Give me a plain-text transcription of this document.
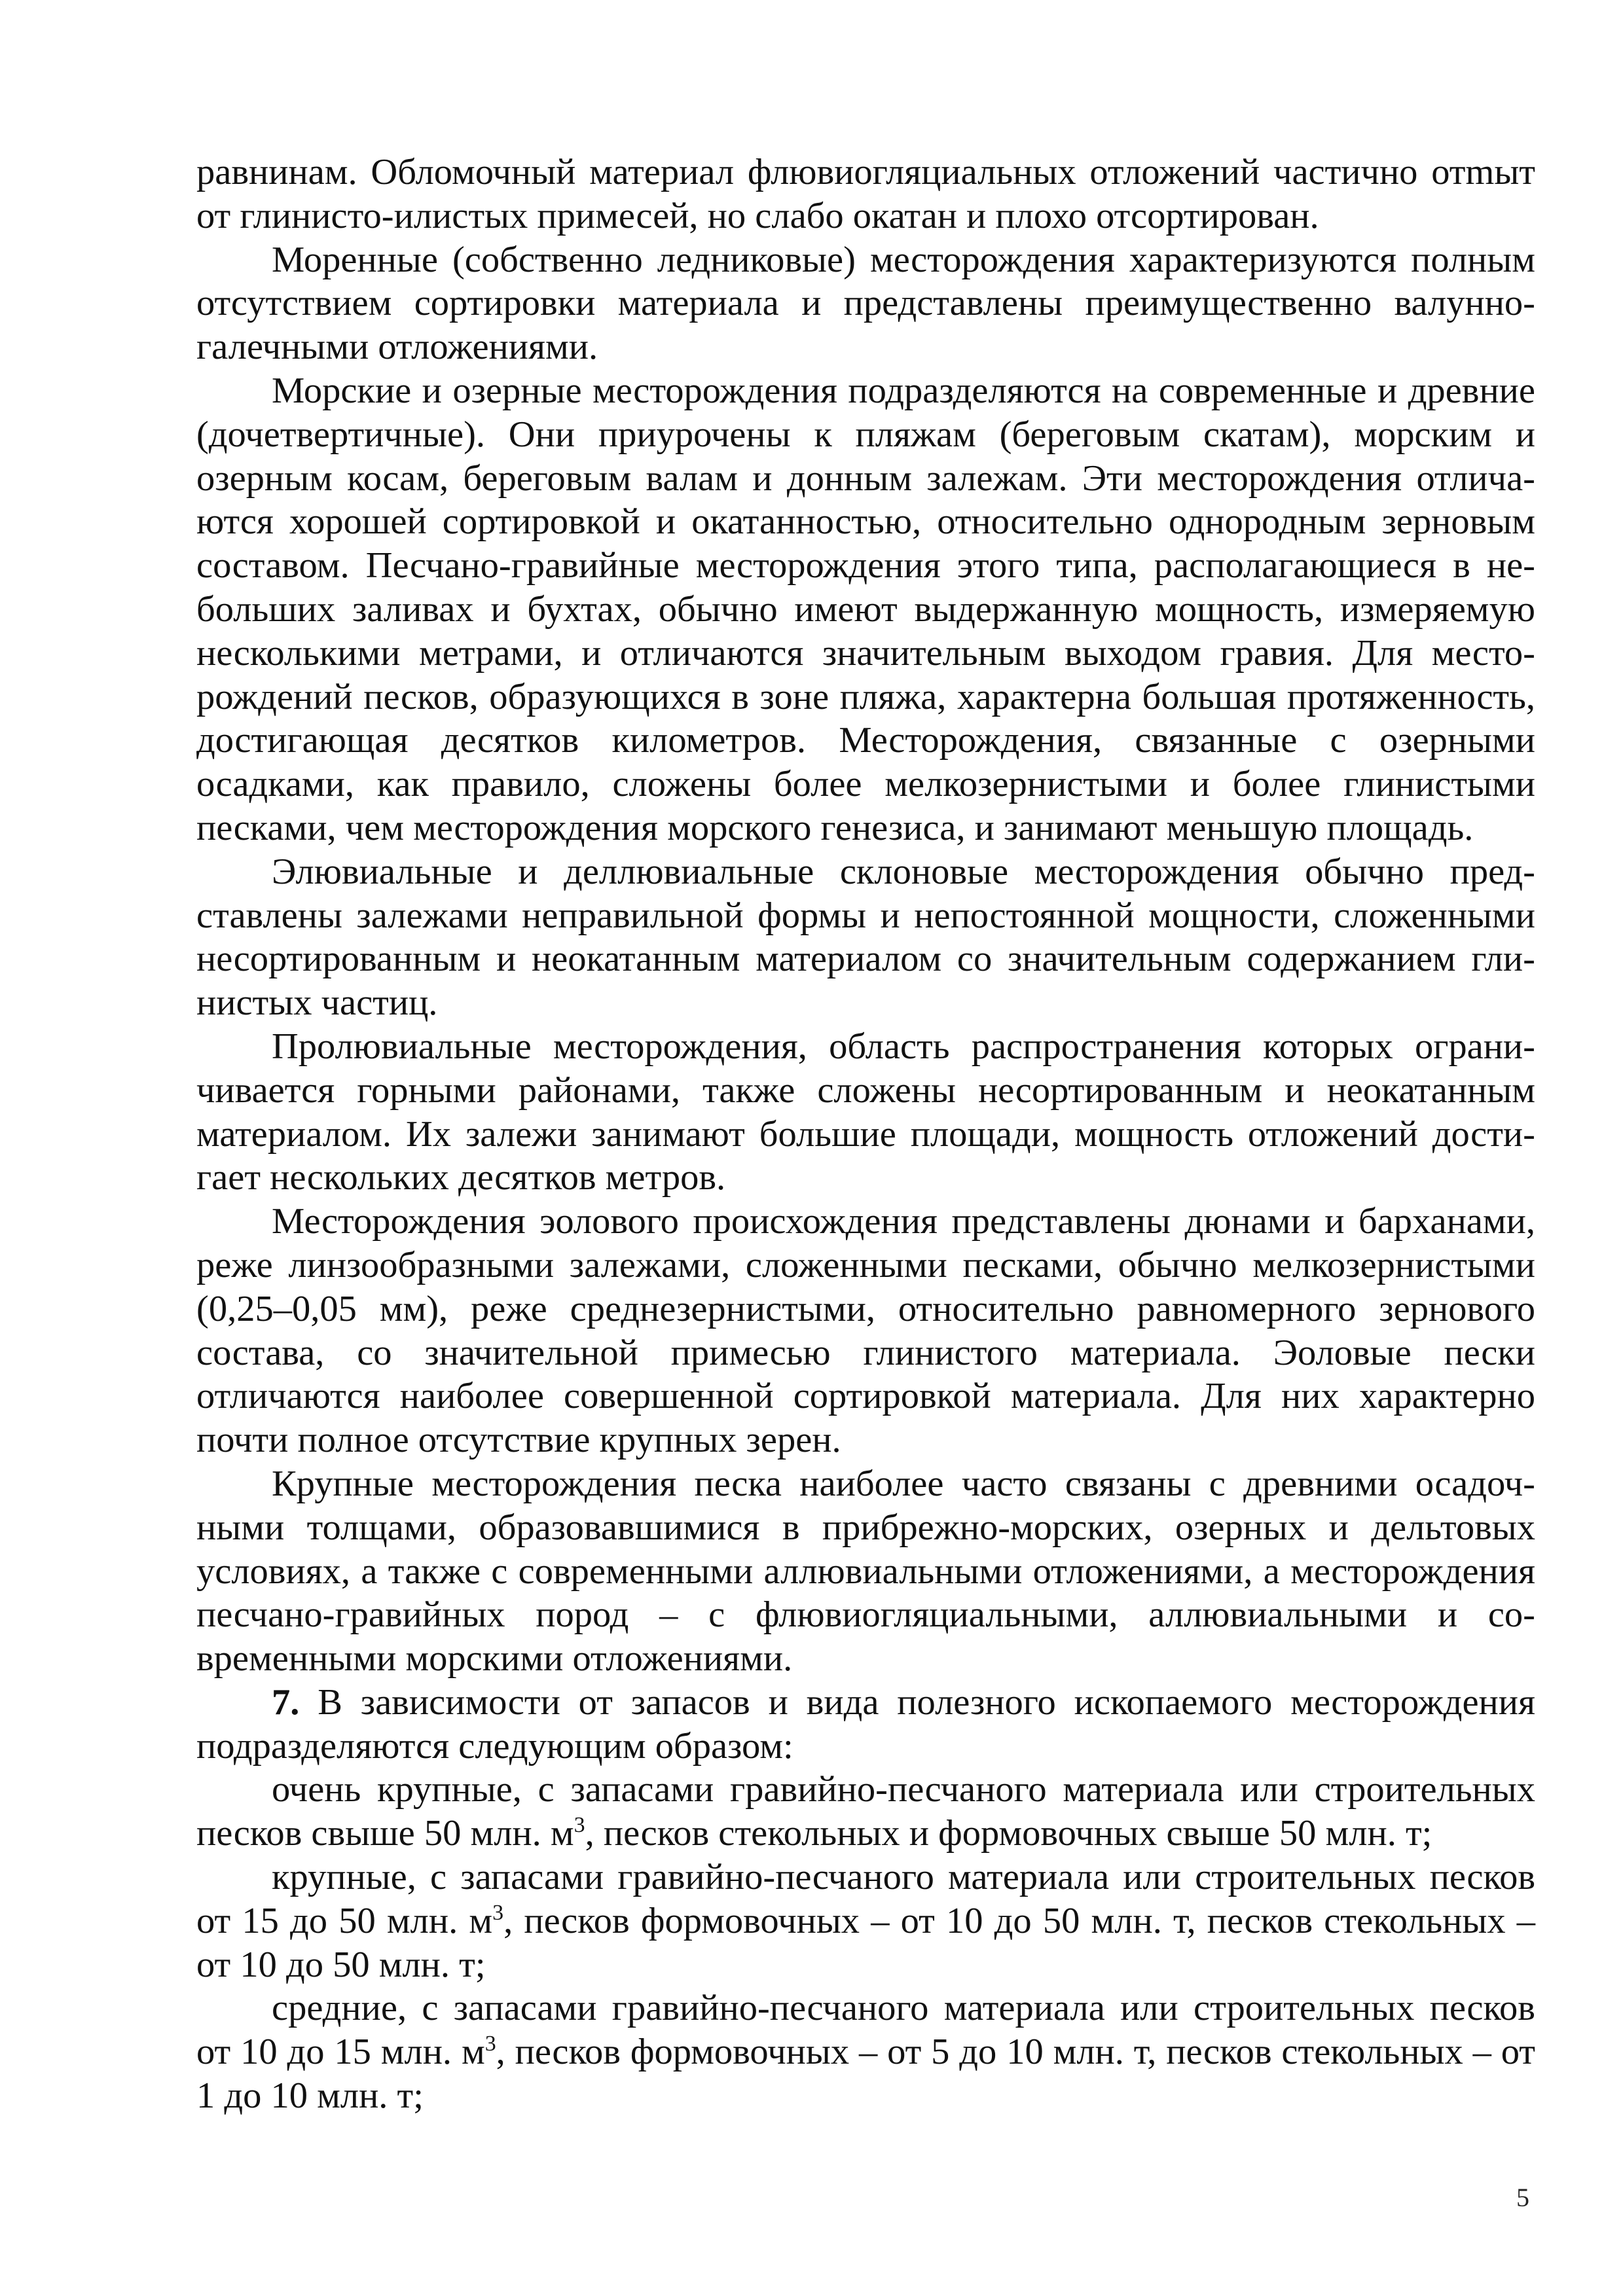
равнинам. Обломочный материал флювиогляциальных отложений частично отmыт от глинисто-илистых примесей, но слабо окатан и плохо отсортирован.

Моренные (собственно ледниковые) месторождения характеризуются полным отсутствием сортировки материала и представлены преимущественно валунно-галечными отложениями.

Морские и озерные месторождения подразделяются на современные и древние (дочетвертичные). Они приурочены к пляжам (береговым скатам), морским и озерным косам, береговым валам и донным залежам. Эти месторождения отличаются хорошей сортировкой и окатанностью, относительно однородным зерновым составом. Песчано-гравийные месторождения этого типа, располагающиеся в небольших заливах и бухтах, обычно имеют выдержанную мощность, измеряемую несколькими метрами, и отличаются значительным выходом гравия. Для месторождений песков, образующихся в зоне пляжа, характерна большая протяженность, достигающая десятков километров. Месторождения, связанные с озерными осадками, как правило, сложены более мелкозернистыми и более глинистыми песками, чем месторождения морского генезиса, и занимают меньшую площадь.

Элювиальные и деллювиальные склоновые месторождения обычно представлены залежами неправильной формы и непостоянной мощности, сложенными несортированным и неокатанным материалом со значительным содержанием глинистых частиц.

Пролювиальные месторождения, область распространения которых ограничивается горными районами, также сложены несортированным и неокатанным материалом. Их залежи занимают большие площади, мощность отложений достигает нескольких десятков метров.

Месторождения эолового происхождения представлены дюнами и барханами, реже линзообразными залежами, сложенными песками, обычно мелкозернистыми (0,25–0,05 мм), реже среднезернистыми, относительно равномерного зернового состава, со значительной примесью глинистого материала. Эоловые пески отличаются наиболее совершенной сортировкой материала. Для них характерно почти полное отсутствие крупных зерен.

Крупные месторождения песка наиболее часто связаны с древними осадочными толщами, образовавшимися в прибрежно-морских, озерных и дельтовых условиях, а также с современными аллювиальными отложениями, а месторождения песчано-гравийных пород – с флювиогляциальными, аллювиальными и современными морскими отложениями.

7. В зависимости от запасов и вида полезного ископаемого месторождения подразделяются следующим образом:

очень крупные, с запасами гравийно-песчаного материала или строительных песков свыше 50 млн. $м^3$, песков стекольных и формовочных свыше 50 млн. т;

крупные, с запасами гравийно-песчаного материала или строительных песков от 15 до 50 млн. $м^3$, песков формовочных – от 10 до 50 млн. т, песков стекольных – от 10 до 50 млн. т;

средние, с запасами гравийно-песчаного материала или строительных песков от 10 до 15 млн. $м^3$, песков формовочных – от 5 до 10 млн. т, песков стекольных – от 1 до 10 млн. т;

5
